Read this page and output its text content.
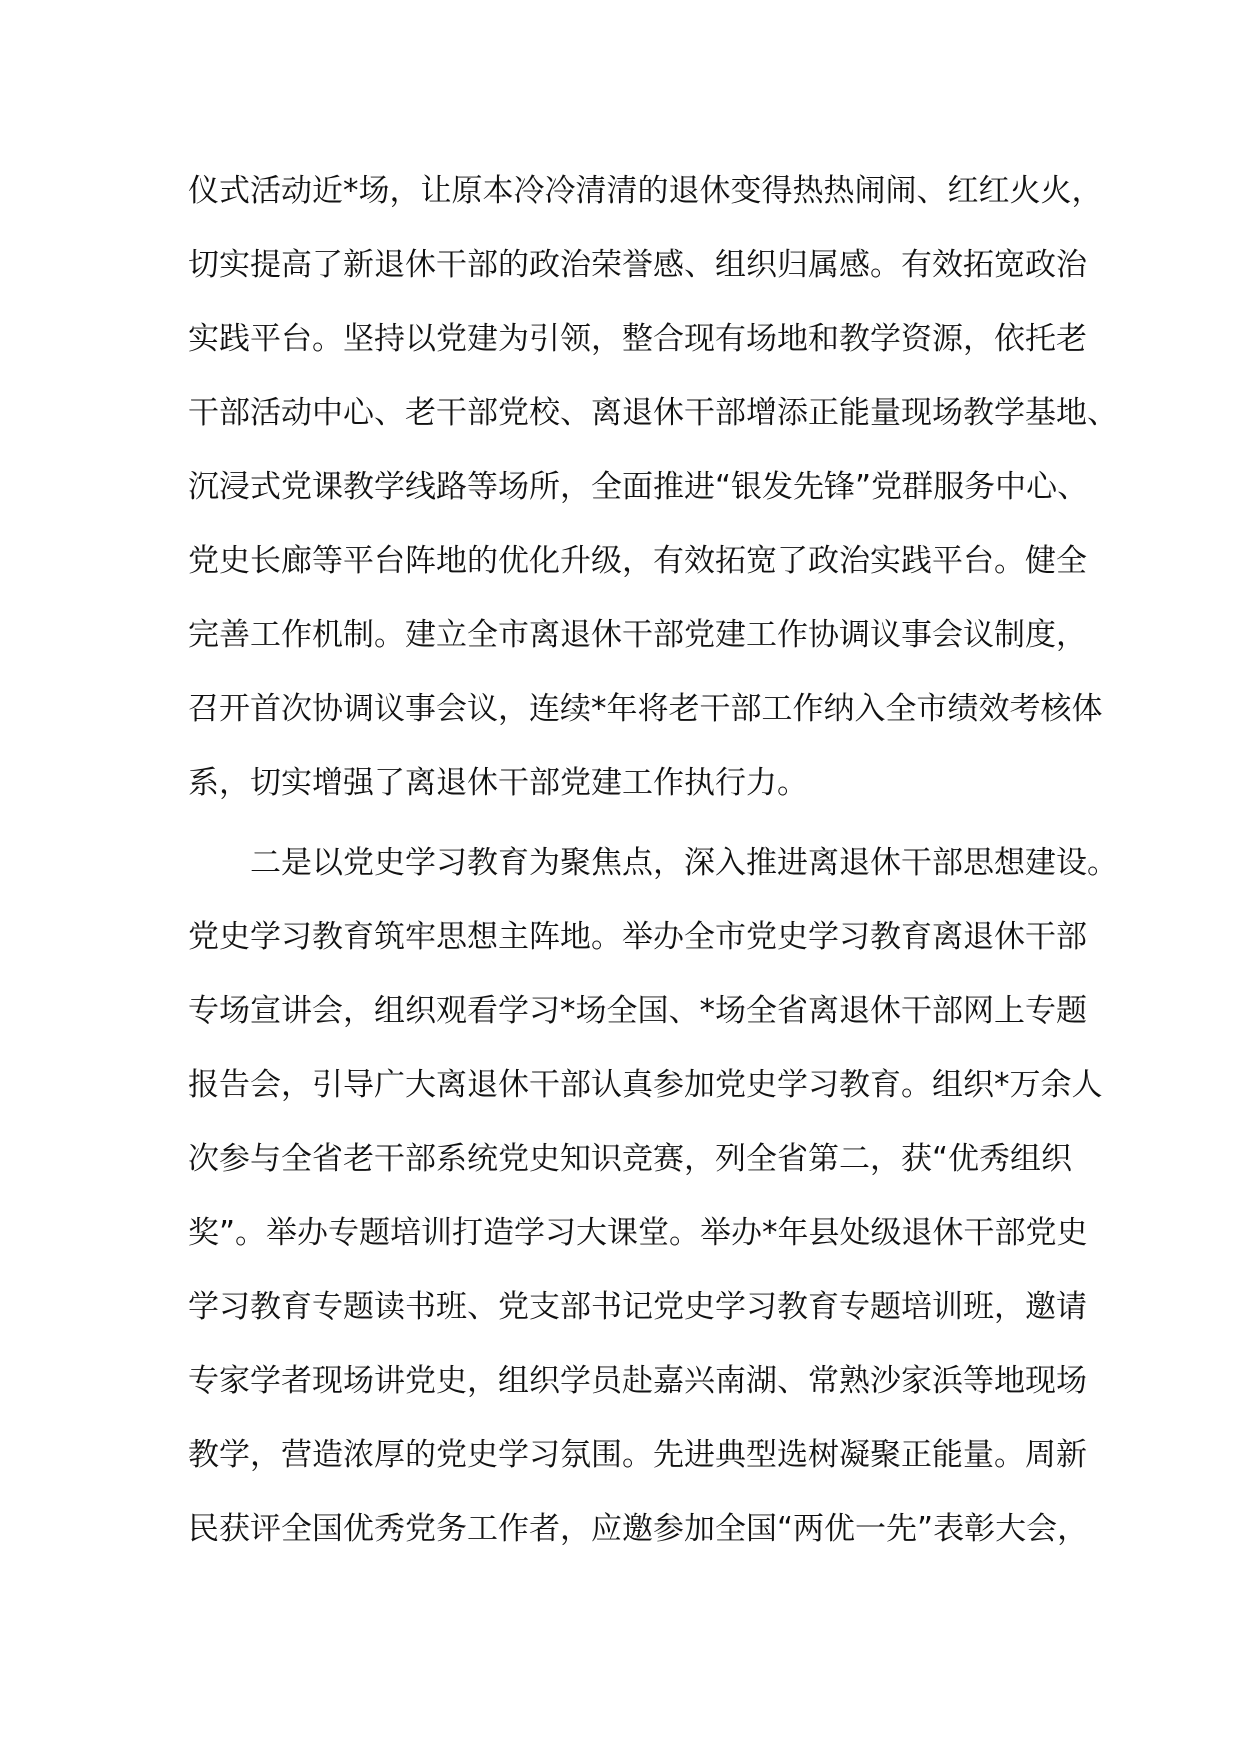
仪式活动近*场，让原本冷冷清清的退休变得热热闹闹、红红火火，
切实提高了新退休干部的政治荣誉感、组织归属感。有效拓宽政治
实践平台。坚持以党建为引领，整合现有场地和教学资源，依托老
干部活动中心、老干部党校、离退休干部增添正能量现场教学基地、
沉浸式党课教学线路等场所，全面推进“银发先锋”党群服务中心、
党史长廊等平台阵地的优化升级，有效拓宽了政治实践平台。健全
完善工作机制。建立全市离退休干部党建工作协调议事会议制度，
召开首次协调议事会议，连续*年将老干部工作纳入全市绩效考核体
系，切实增强了离退休干部党建工作执行力。
二是以党史学习教育为聚焦点，深入推进离退休干部思想建设。
党史学习教育筑牢思想主阵地。举办全市党史学习教育离退休干部
专场宣讲会，组织观看学习*场全国、*场全省离退休干部网上专题
报告会，引导广大离退休干部认真参加党史学习教育。组织*万余人
次参与全省老干部系统党史知识竞赛，列全省第二，获“优秀组织
奖”。举办专题培训打造学习大课堂。举办*年县处级退休干部党史
学习教育专题读书班、党支部书记党史学习教育专题培训班，邀请
专家学者现场讲党史，组织学员赴嘉兴南湖、常熟沙家浜等地现场
教学，营造浓厚的党史学习氛围。先进典型选树凝聚正能量。周新
民获评全国优秀党务工作者，应邀参加全国“两优一先”表彰大会，
